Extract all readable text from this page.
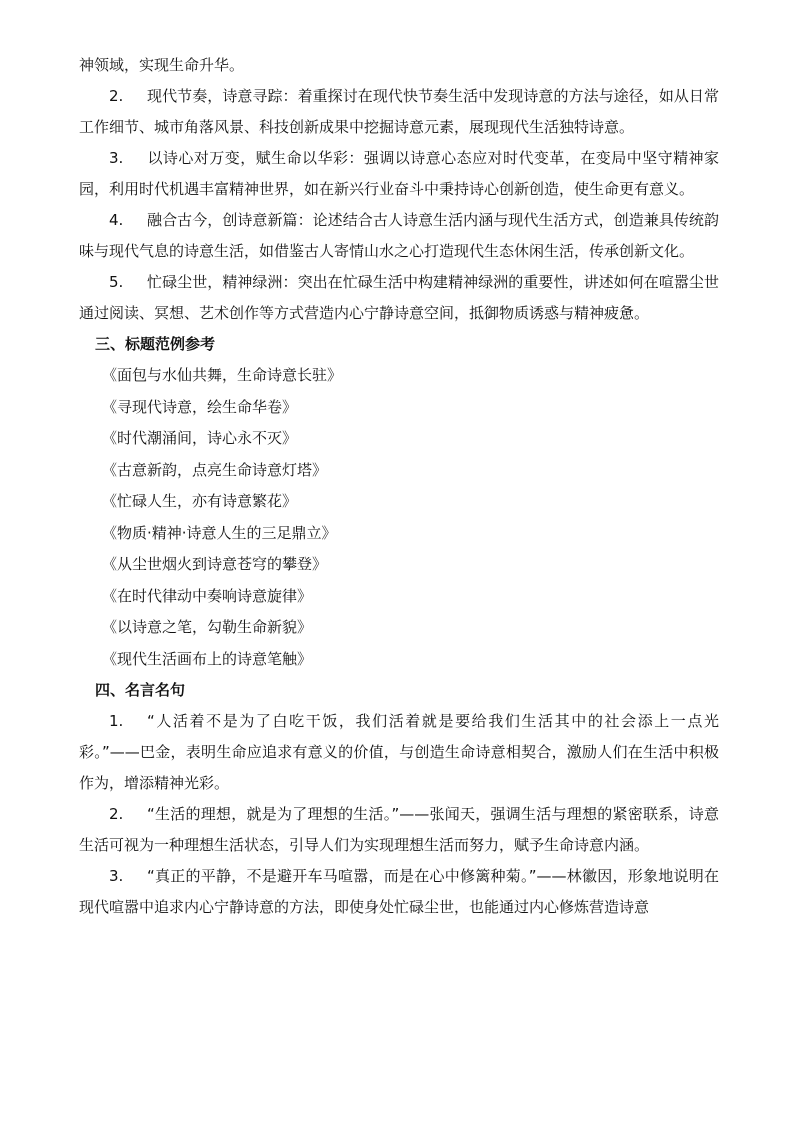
神领域，实现生命升华。

2. 现代节奏，诗意寻踪：着重探讨在现代快节奏生活中发现诗意的方法与途径，如从日常工作细节、城市角落风景、科技创新成果中挖掘诗意元素，展现现代生活独特诗意。

3. 以诗心对万变，赋生命以华彩：强调以诗意心态应对时代变革，在变局中坚守精神家园，利用时代机遇丰富精神世界，如在新兴行业奋斗中秉持诗心创新创造，使生命更有意义。

4. 融合古今，创诗意新篇：论述结合古人诗意生活内涵与现代生活方式，创造兼具传统韵味与现代气息的诗意生活，如借鉴古人寄情山水之心打造现代生态休闲生活，传承创新文化。

5. 忙碌尘世，精神绿洲：突出在忙碌生活中构建精神绿洲的重要性，讲述如何在喧嚣尘世通过阅读、冥想、艺术创作等方式营造内心宁静诗意空间，抵御物质诱惑与精神疲惫。

三、标题范例参考

《面包与水仙共舞，生命诗意长驻》

《寻现代诗意，绘生命华卷》

《时代潮涌间，诗心永不灭》

《古意新韵，点亮生命诗意灯塔》

《忙碌人生，亦有诗意繁花》

《物质·精神·诗意人生的三足鼎立》

《从尘世烟火到诗意苍穹的攀登》

《在时代律动中奏响诗意旋律》

《以诗意之笔，勾勒生命新貌》

《现代生活画布上的诗意笔触》

四、名言名句

1. “人活着不是为了白吃干饭，我们活着就是要给我们生活其中的社会添上一点光彩。”——巴金，表明生命应追求有意义的价值，与创造生命诗意相契合，激励人们在生活中积极作为，增添精神光彩。

2. “生活的理想，就是为了理想的生活。”——张闻天，强调生活与理想的紧密联系，诗意生活可视为一种理想生活状态，引导人们为实现理想生活而努力，赋予生命诗意内涵。

3. “真正的平静，不是避开车马喧嚣，而是在心中修篱种菊。”——林徽因，形象地说明在现代喧嚣中追求内心宁静诗意的方法，即使身处忙碌尘世，也能通过内心修炼营造诗意
